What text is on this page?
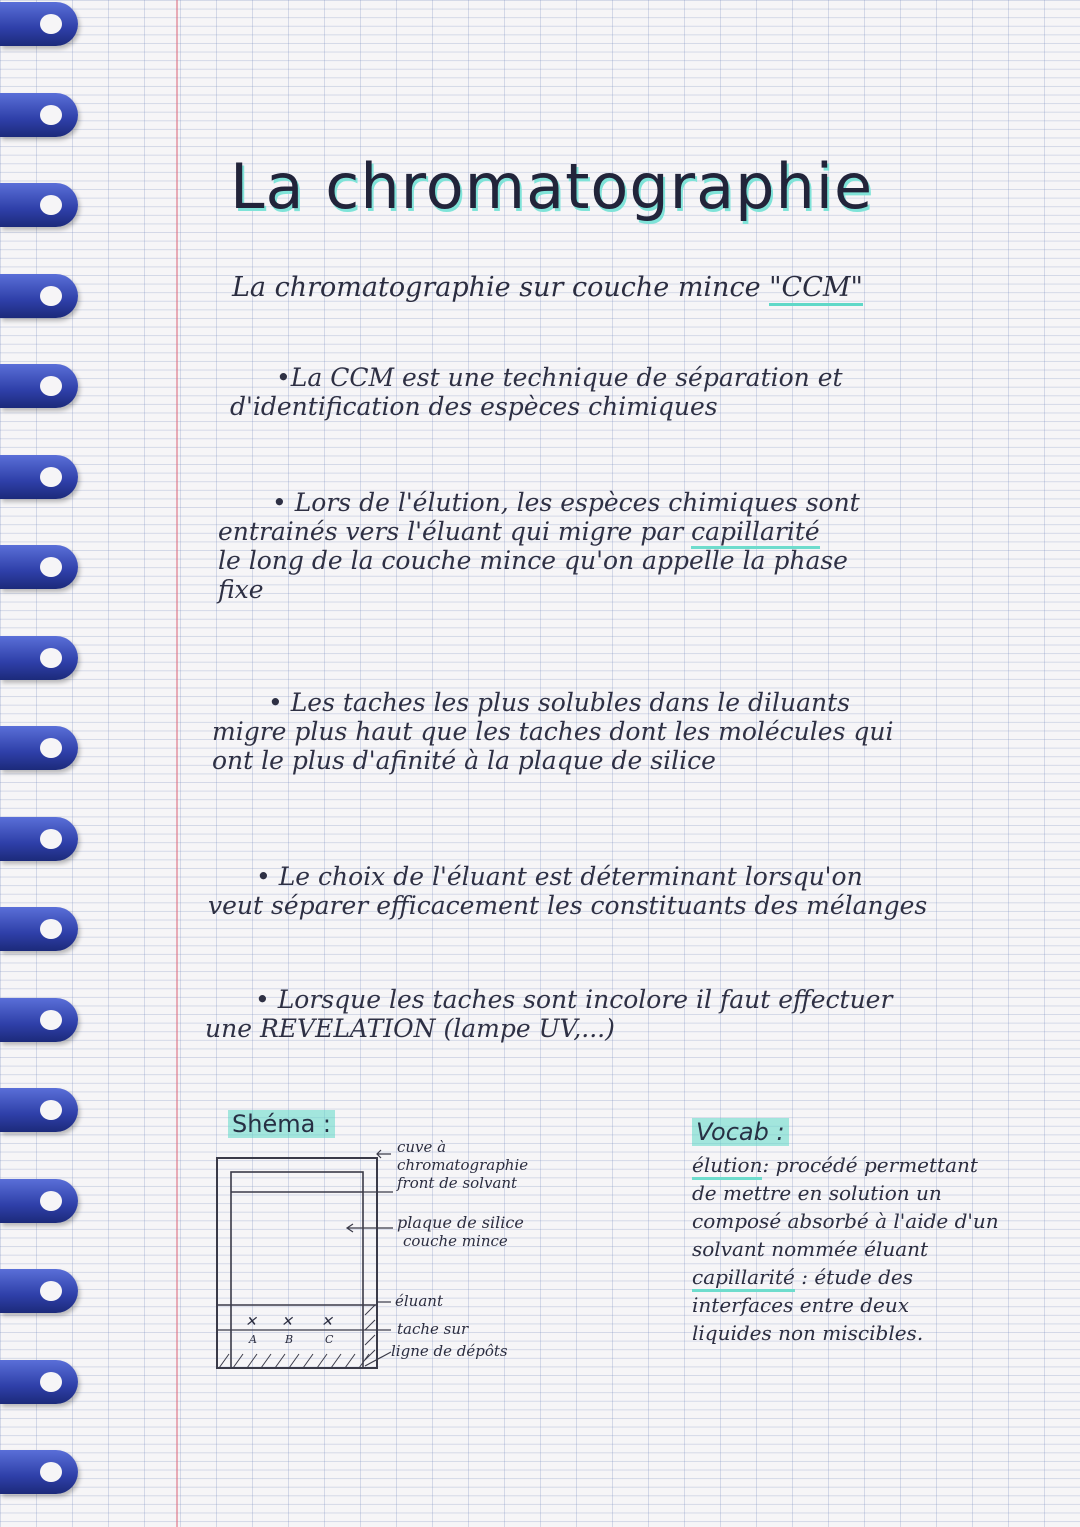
La chromatographie
La chromatographie sur couche mince "CCM"
•La CCM est une technique de séparation et
d'identification des espèces chimiques
• Lors de l'élution, les espèces chimiques sont
entrainés vers l'éluant qui migre par capillarité
le long de la couche mince qu'on appelle la phase
fixe
• Les taches les plus solubles dans le diluants
migre plus haut que les taches dont les molécules qui
ont le plus d'afinité à la plaque de silice
• Le choix de l'éluant est déterminant lorsqu'on
veut séparer efficacement les constituants des mélanges
• Lorsque les taches sont incolore il faut effectuer
une REVELATION (lampe UV,...)
Shéma :
✕ ✕ ✕
A	B	C
cuve à
chromatographie
front de solvant
plaque de silice
couche mince
éluant
tache sur
ligne de dépôts
Vocab :
élution: procédé permettant
de mettre en solution un
composé absorbé à l'aide d'un
solvant nommée éluant
capillarité : étude des
interfaces entre deux
liquides non miscibles.
